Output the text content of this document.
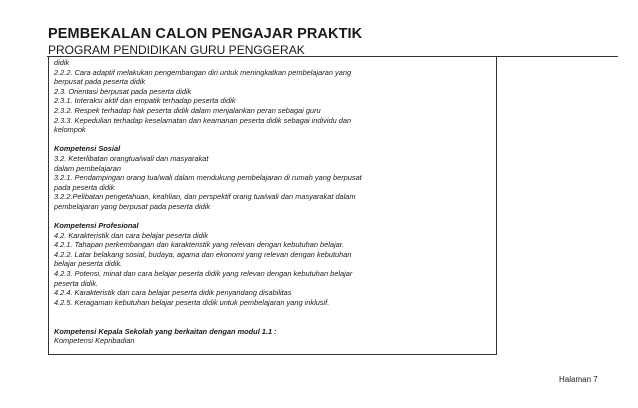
PEMBEKALAN CALON PENGAJAR PRAKTIK
PROGRAM PENDIDIKAN GURU PENGGERAK
didik
2.2.2. Cara adaptif melakukan pengembangan diri untuk meningkatkan pembelajaran yang
berpusat pada peserta didik
2.3. Orientasi berpusat pada peserta didik
2.3.1. Interaksi aktif dan empatik terhadap peserta didik
2.3.2. Respek terhadap hak peserta didik dalam menjalankan peran sebagai guru
2.3.3. Kepedulian terhadap keselamatan dan keamanan peserta didik sebagai individu dan
kelompok
Kompetensi Sosial
3.2. Keterlibatan orangtua/wali dan masyarakat
dalam pembelajaran
3.2.1. Pendampingan orang tua/wali dalam mendukung pembelajaran di rumah yang berpusat
pada peserta didik
3.2.2.Pelibatan pengetahuan, keahlian, dan perspektif orang tua/wali dan masyarakat dalam
pembelajaran yang berpusat pada peserta didik
Kompetensi Profesional
4.2. Karakteristik dan cara belajar peserta didik
4.2.1. Tahapan perkembangan dan karakteristik yang relevan dengan kebutuhan belajar.
4.2.2. Latar belakang sosial, budaya, agama dan ekonomi yang relevan dengan kebutuhan
belajar peserta didik.
4.2.3. Potensi, minat dan cara belajar peserta didik yang relevan dengan kebutuhan belajar
peserta didik.
4.2.4. Karakteristik dan cara belajar peserta didik penyandang disabilitas
4.2.5. Keragaman kebutuhan belajar peserta didik untuk pembelajaran yang inklusif.
Kompetensi Kepala Sekolah yang berkaitan dengan modul 1.1 :
Kompetensi Kepribadian
Halaman 7
